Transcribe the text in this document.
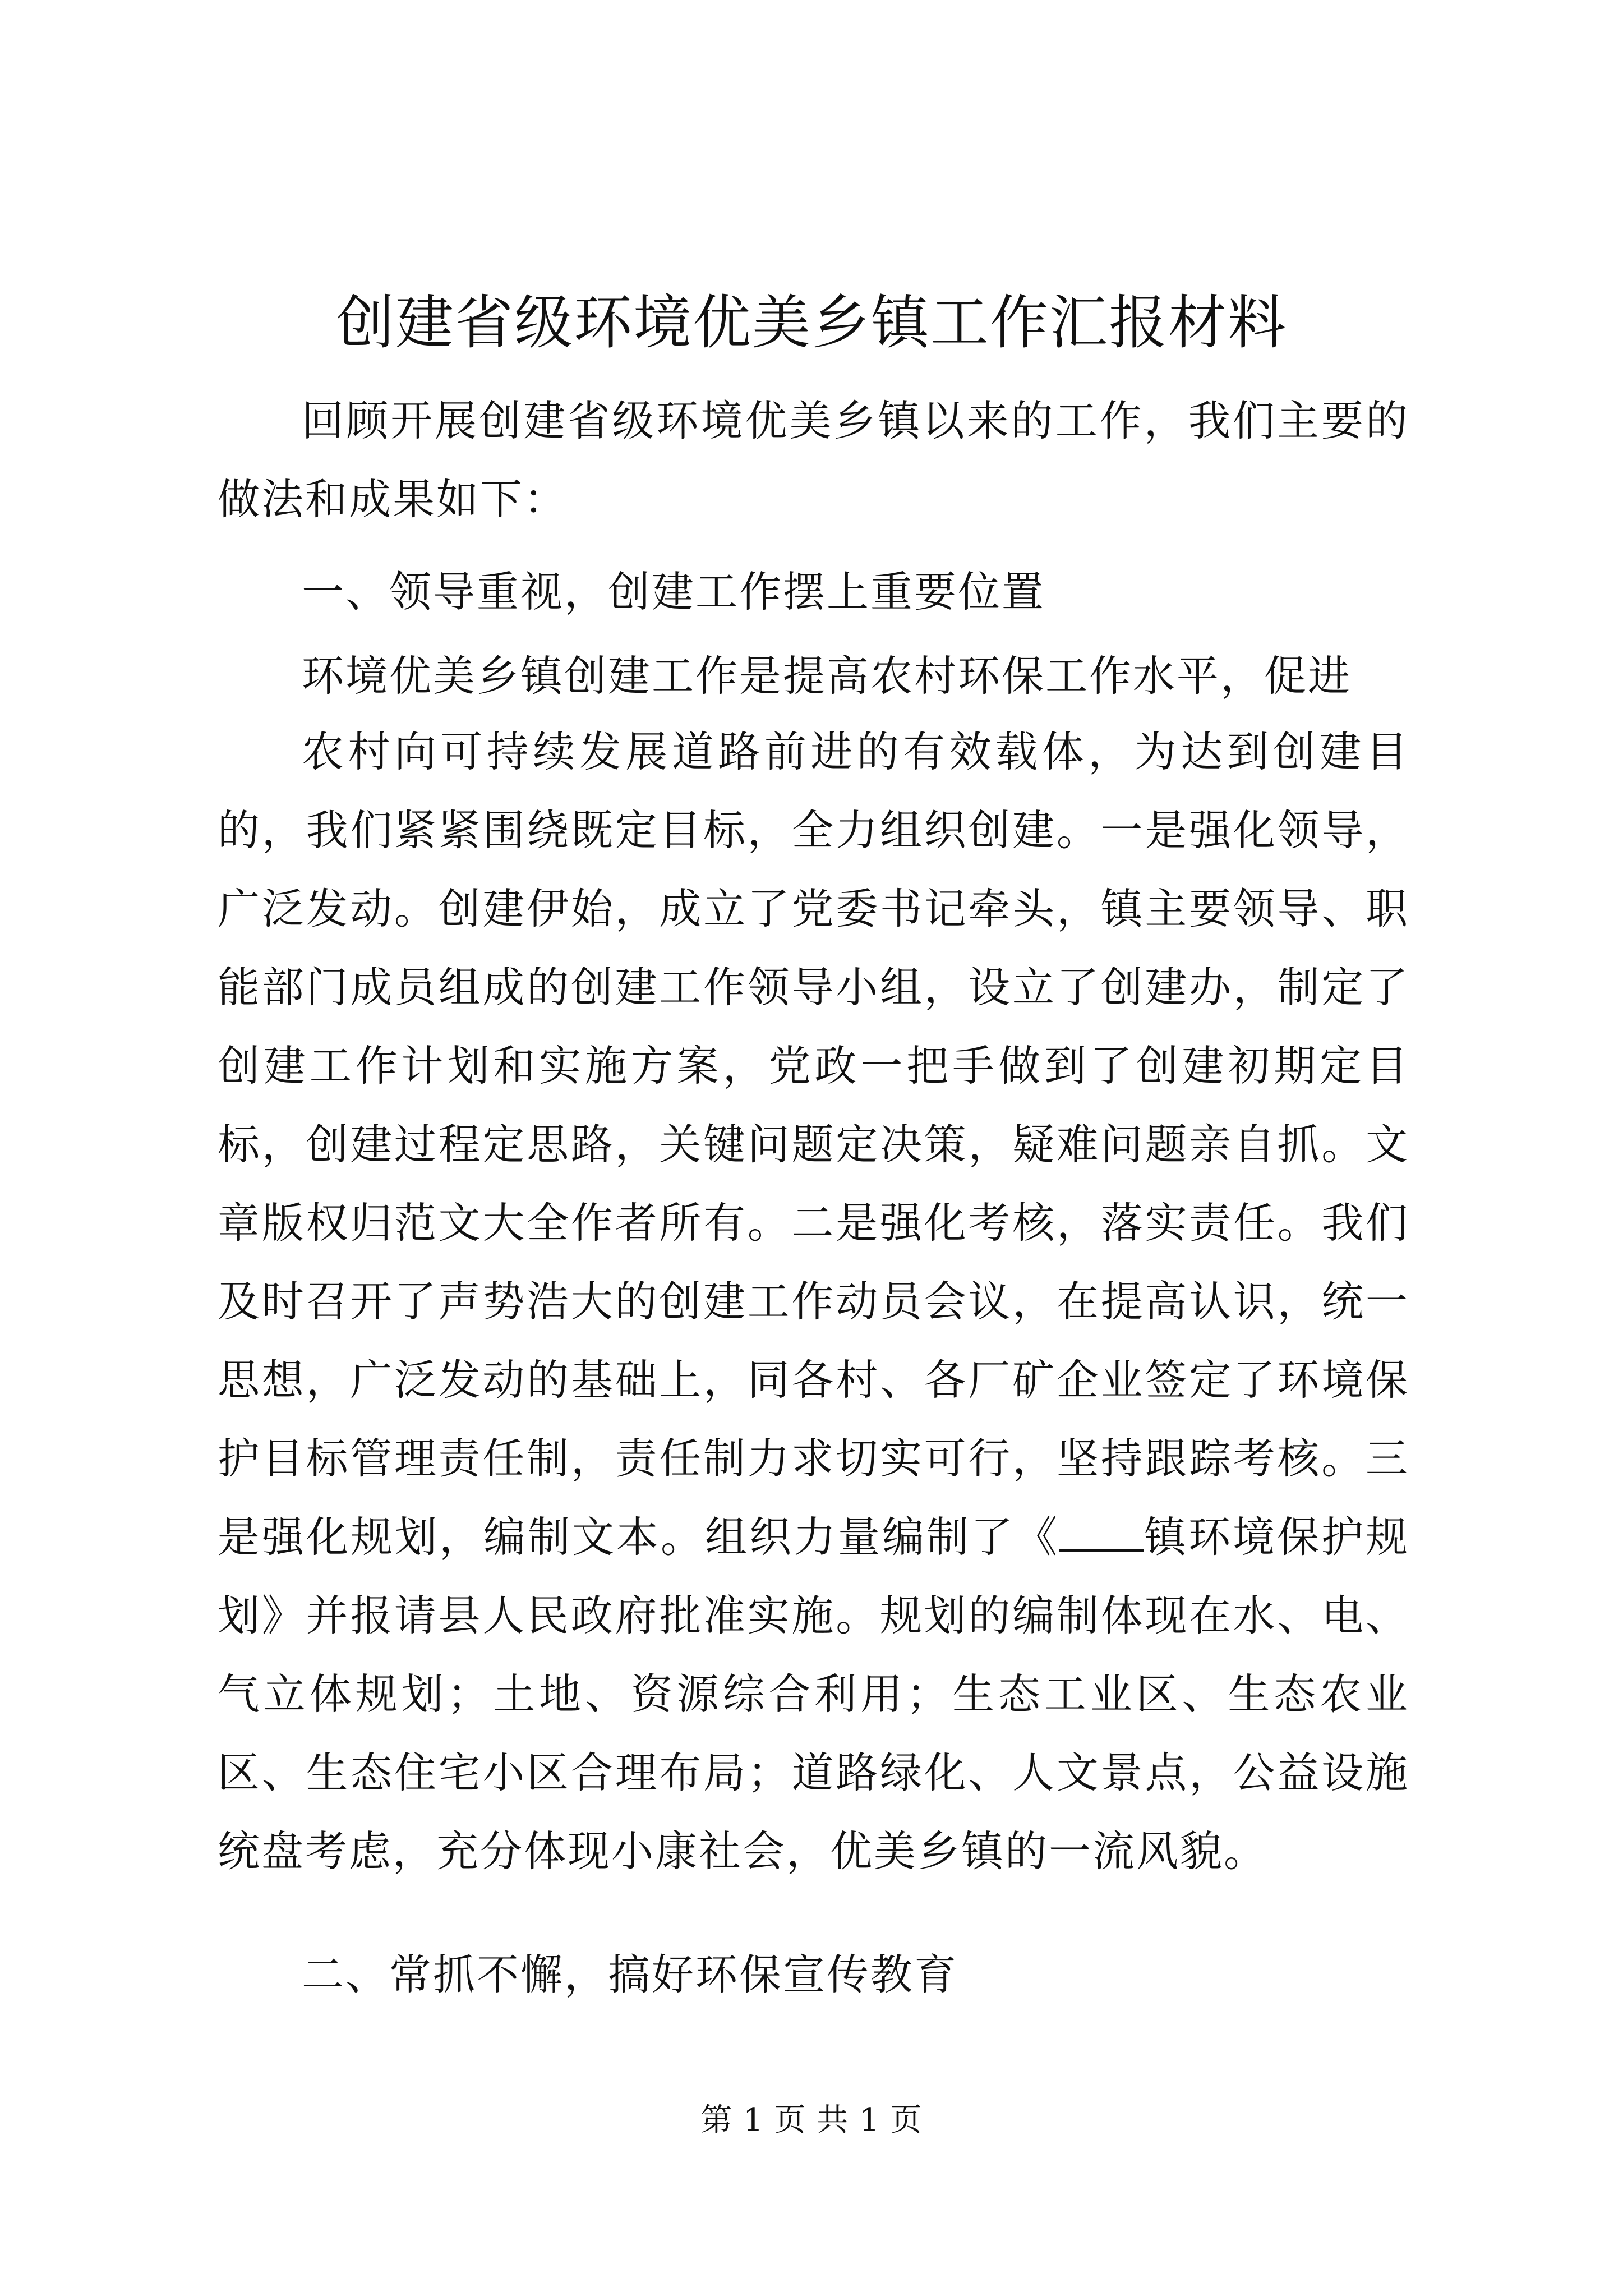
创建省级环境优美乡镇工作汇报材料

回顾开展创建省级环境优美乡镇以来的工作，我们主要的做法和成果如下：

一、领导重视，创建工作摆上重要位置

环境优美乡镇创建工作是提高农村环保工作水平，促进

农村向可持续发展道路前进的有效载体，为达到创建目的，我们紧紧围绕既定目标，全力组织创建。一是强化领导，广泛发动。创建伊始，成立了党委书记牵头，镇主要领导、职能部门成员组成的创建工作领导小组，设立了创建办，制定了创建工作计划和实施方案，党政一把手做到了创建初期定目标，创建过程定思路，关键问题定决策，疑难问题亲自抓。文章版权归范文大全作者所有。二是强化考核，落实责任。我们及时召开了声势浩大的创建工作动员会议，在提高认识，统一思想，广泛发动的基础上，同各村、各厂矿企业签定了环境保护目标管理责任制，责任制力求切实可行，坚持跟踪考核。三是强化规划，编制文本。组织力量编制了《 镇环境保护规划》并报请县人民政府批准实施。规划的编制体现在水、电、气立体规划；土地、资源综合利用；生态工业区、生态农业区、生态住宅小区合理布局；道路绿化、人文景点，公益设施统盘考虑，充分体现小康社会，优美乡镇的一流风貌。

二、常抓不懈，搞好环保宣传教育

第 1 页 共 1 页
